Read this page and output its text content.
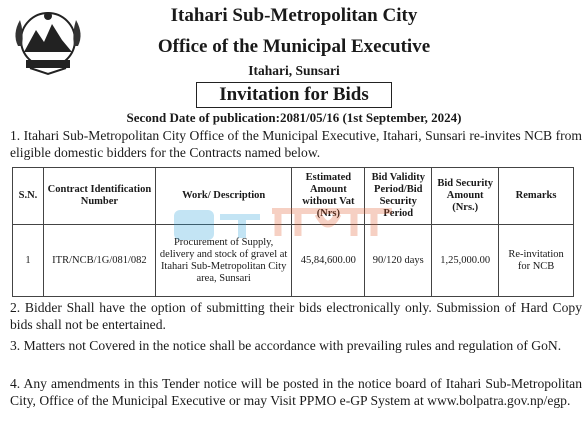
Itahari Sub-Metropolitan City
Office of the Municipal Executive
Itahari, Sunsari
Invitation for Bids
Second Date of publication:2081/05/16 (1st September, 2024)
1. Itahari Sub-Metropolitan City Office of the Municipal Executive, Itahari, Sunsari re-invites NCB from eligible domestic bidders for the Contracts named below.
S.N.	Contract Identification Number	Work/ Description	Estimated Amount without Vat (Nrs)	Bid Validity Period/Bid Security Period	Bid Security Amount (Nrs.)	Remarks
1	ITR/NCB/1G/081/082	Procurement of Supply, delivery and stock of gravel at Itahari Sub-Metropolitan City area, Sunsari	45,84,600.00	90/120 days	1,25,000.00	Re-invitation for NCB
2. Bidder Shall have the option of submitting their bids electronically only. Submission of Hard Copy bids shall not be entertained.
3. Matters not Covered in the notice shall be accordance with prevailing rules and regulation of GoN.
4. Any amendments in this Tender notice will be posted in the notice board of Itahari Sub-Metropolitan City, Office of the Municipal Executive or may Visit PPMO e-GP System at www.bolpatra.gov.np/egp.
